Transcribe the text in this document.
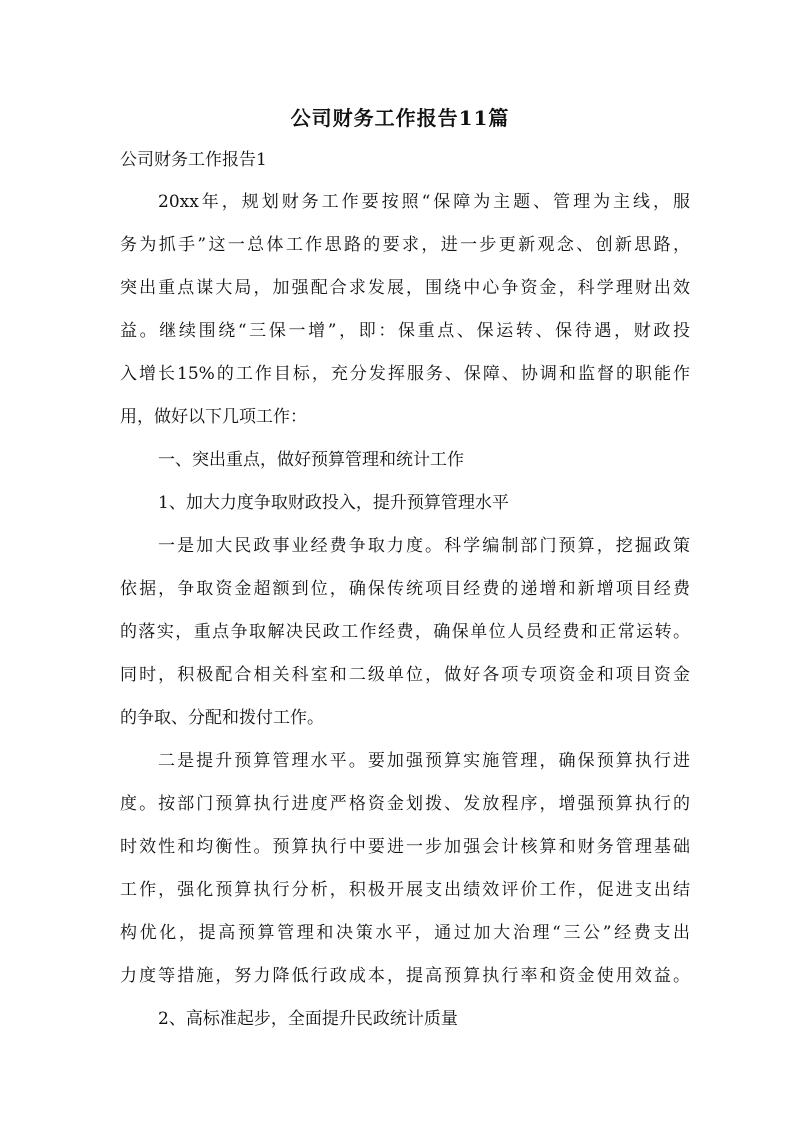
公司财务工作报告11篇

公司财务工作报告1

20xx年，规划财务工作要按照“保障为主题、管理为主线，服

务为抓手”这一总体工作思路的要求，进一步更新观念、创新思路，

突出重点谋大局，加强配合求发展，围绕中心争资金，科学理财出效

益。继续围绕“三保一增”，即：保重点、保运转、保待遇，财政投

入增长15%的工作目标，充分发挥服务、保障、协调和监督的职能作

用，做好以下几项工作：

一、突出重点，做好预算管理和统计工作

1、加大力度争取财政投入，提升预算管理水平

一是加大民政事业经费争取力度。科学编制部门预算，挖掘政策

依据，争取资金超额到位，确保传统项目经费的递增和新增项目经费

的落实，重点争取解决民政工作经费，确保单位人员经费和正常运转。

同时，积极配合相关科室和二级单位，做好各项专项资金和项目资金

的争取、分配和拨付工作。

二是提升预算管理水平。要加强预算实施管理，确保预算执行进

度。按部门预算执行进度严格资金划拨、发放程序，增强预算执行的

时效性和均衡性。预算执行中要进一步加强会计核算和财务管理基础

工作，强化预算执行分析，积极开展支出绩效评价工作，促进支出结

构优化，提高预算管理和决策水平，通过加大治理“三公”经费支出

力度等措施，努力降低行政成本，提高预算执行率和资金使用效益。

2、高标准起步，全面提升民政统计质量
